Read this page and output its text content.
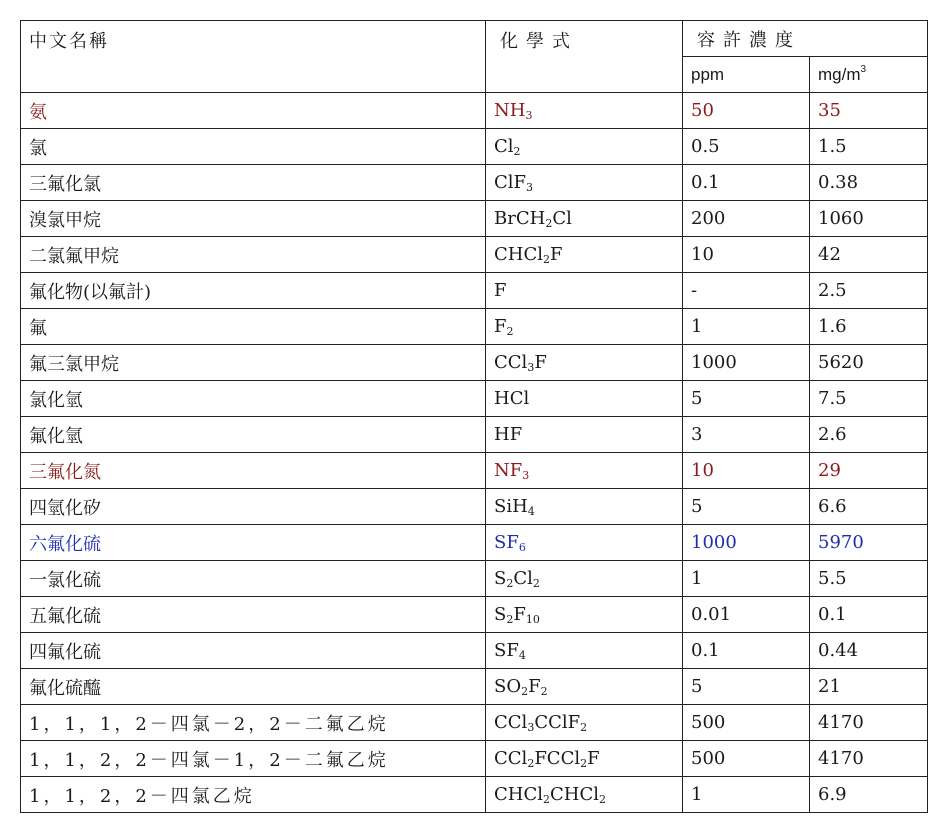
中文名稱	化學式	容許濃度	
		ppm	$mg/m^3$
氨	$NH_3$	50	35
氯	$Cl_2$	0.5	1.5
三氟化氯	ClF$_3$	0.1	0.38
溴氯甲烷	BrCH$_2$Cl	200	1060
二氯氟甲烷	CHCl$_2$F	10	42
氟化物(以氟計)	F	-	2.5
氟	$F_2$	1	1.6
氟三氯甲烷	CCl$_3$F	1000	5620
氯化氫	HCl	5	7.5
氟化氫	HF	3	2.6
三氟化氮	$NF_3$	10	29
四氫化矽	SiH$_4$	5	6.6
六氟化硫	$SF_6$	1000	5970
一氯化硫	$S_2Cl_2$	1	5.5
五氟化硫	$S_2F_{10}$	0.01	0.1
四氟化硫	$SF_4$	0.1	0.44
氟化硫醯	$SO_2F_2$	5	21
1，1，1，2－四氯－2，2－二氟乙烷	CCl$_3$CClF$_2$	500	4170
1，1，2，2－四氯－1，2－二氟乙烷	CCl$_2$FCCl$_2$F	500	4170
1，1，2，2－四氯乙烷	CHCl$_2$CHCl$_2$	1	6.9
